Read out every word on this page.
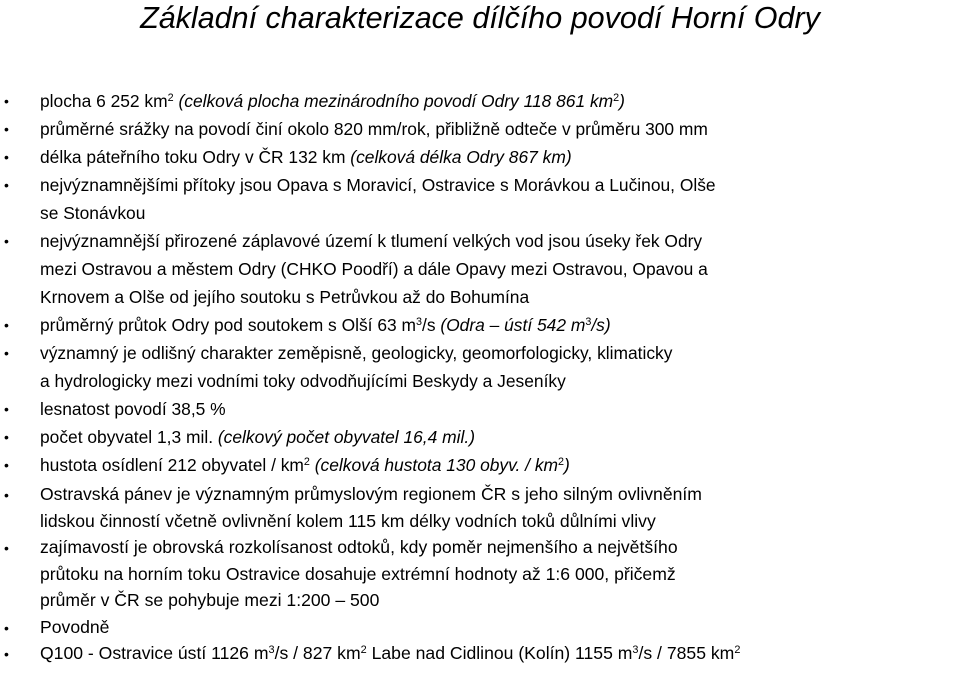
Základní charakterizace dílčího povodí Horní Odry
• plocha 6 252 $km^2$ (celková plocha mezinárodního povodí Odry 118 861 $km^2$)
• průměrné srážky na povodí činí okolo 820 mm/rok, přibližně odteče v průměru 300 mm
• délka páteřního toku Odry v ČR 132 km (celková délka Odry 867 km)
• nejvýznamnějšími přítoky jsou Opava s Moravicí, Ostravice s Morávkou a Lučinou, Olše
se Stonávkou
• nejvýznamnější přirozené záplavové území k tlumení velkých vod jsou úseky řek Odry
mezi Ostravou a městem Odry (CHKO Poodří) a dále Opavy mezi Ostravou, Opavou a
Krnovem a Olše od jejího soutoku s Petrůvkou až do Bohumína
• průměrný průtok Odry pod soutokem s Olší 63 $m^3/s$ (Odra – ústí 542 $m^3/s$)
• významný je odlišný charakter zeměpisně, geologicky, geomorfologicky, klimaticky
a hydrologicky mezi vodními toky odvodňujícími Beskydy a Jeseníky
• lesnatost povodí 38,5 %
• počet obyvatel 1,3 mil. (celkový počet obyvatel 16,4 mil.)
• hustota osídlení 212 obyvatel / $km^2$ (celková hustota 130 obyv. / $km^2$)
• Ostravská pánev je významným průmyslovým regionem ČR s jeho silným ovlivněním
lidskou činností včetně ovlivnění kolem 115 km délky vodních toků důlními vlivy
• zajímavostí je obrovská rozkolísanost odtoků, kdy poměr nejmenšího a největšího
průtoku na horním toku Ostravice dosahuje extrémní hodnoty až 1:6 000, přičemž
průměr v ČR se pohybuje mezi 1:200 – 500
• Povodně
• Q100 - Ostravice ústí 1126 $m^3/s / 827$ $km^2$ Labe nad Cidlinou (Kolín) 1155 $m^3/s / 7855$ $km^2$
